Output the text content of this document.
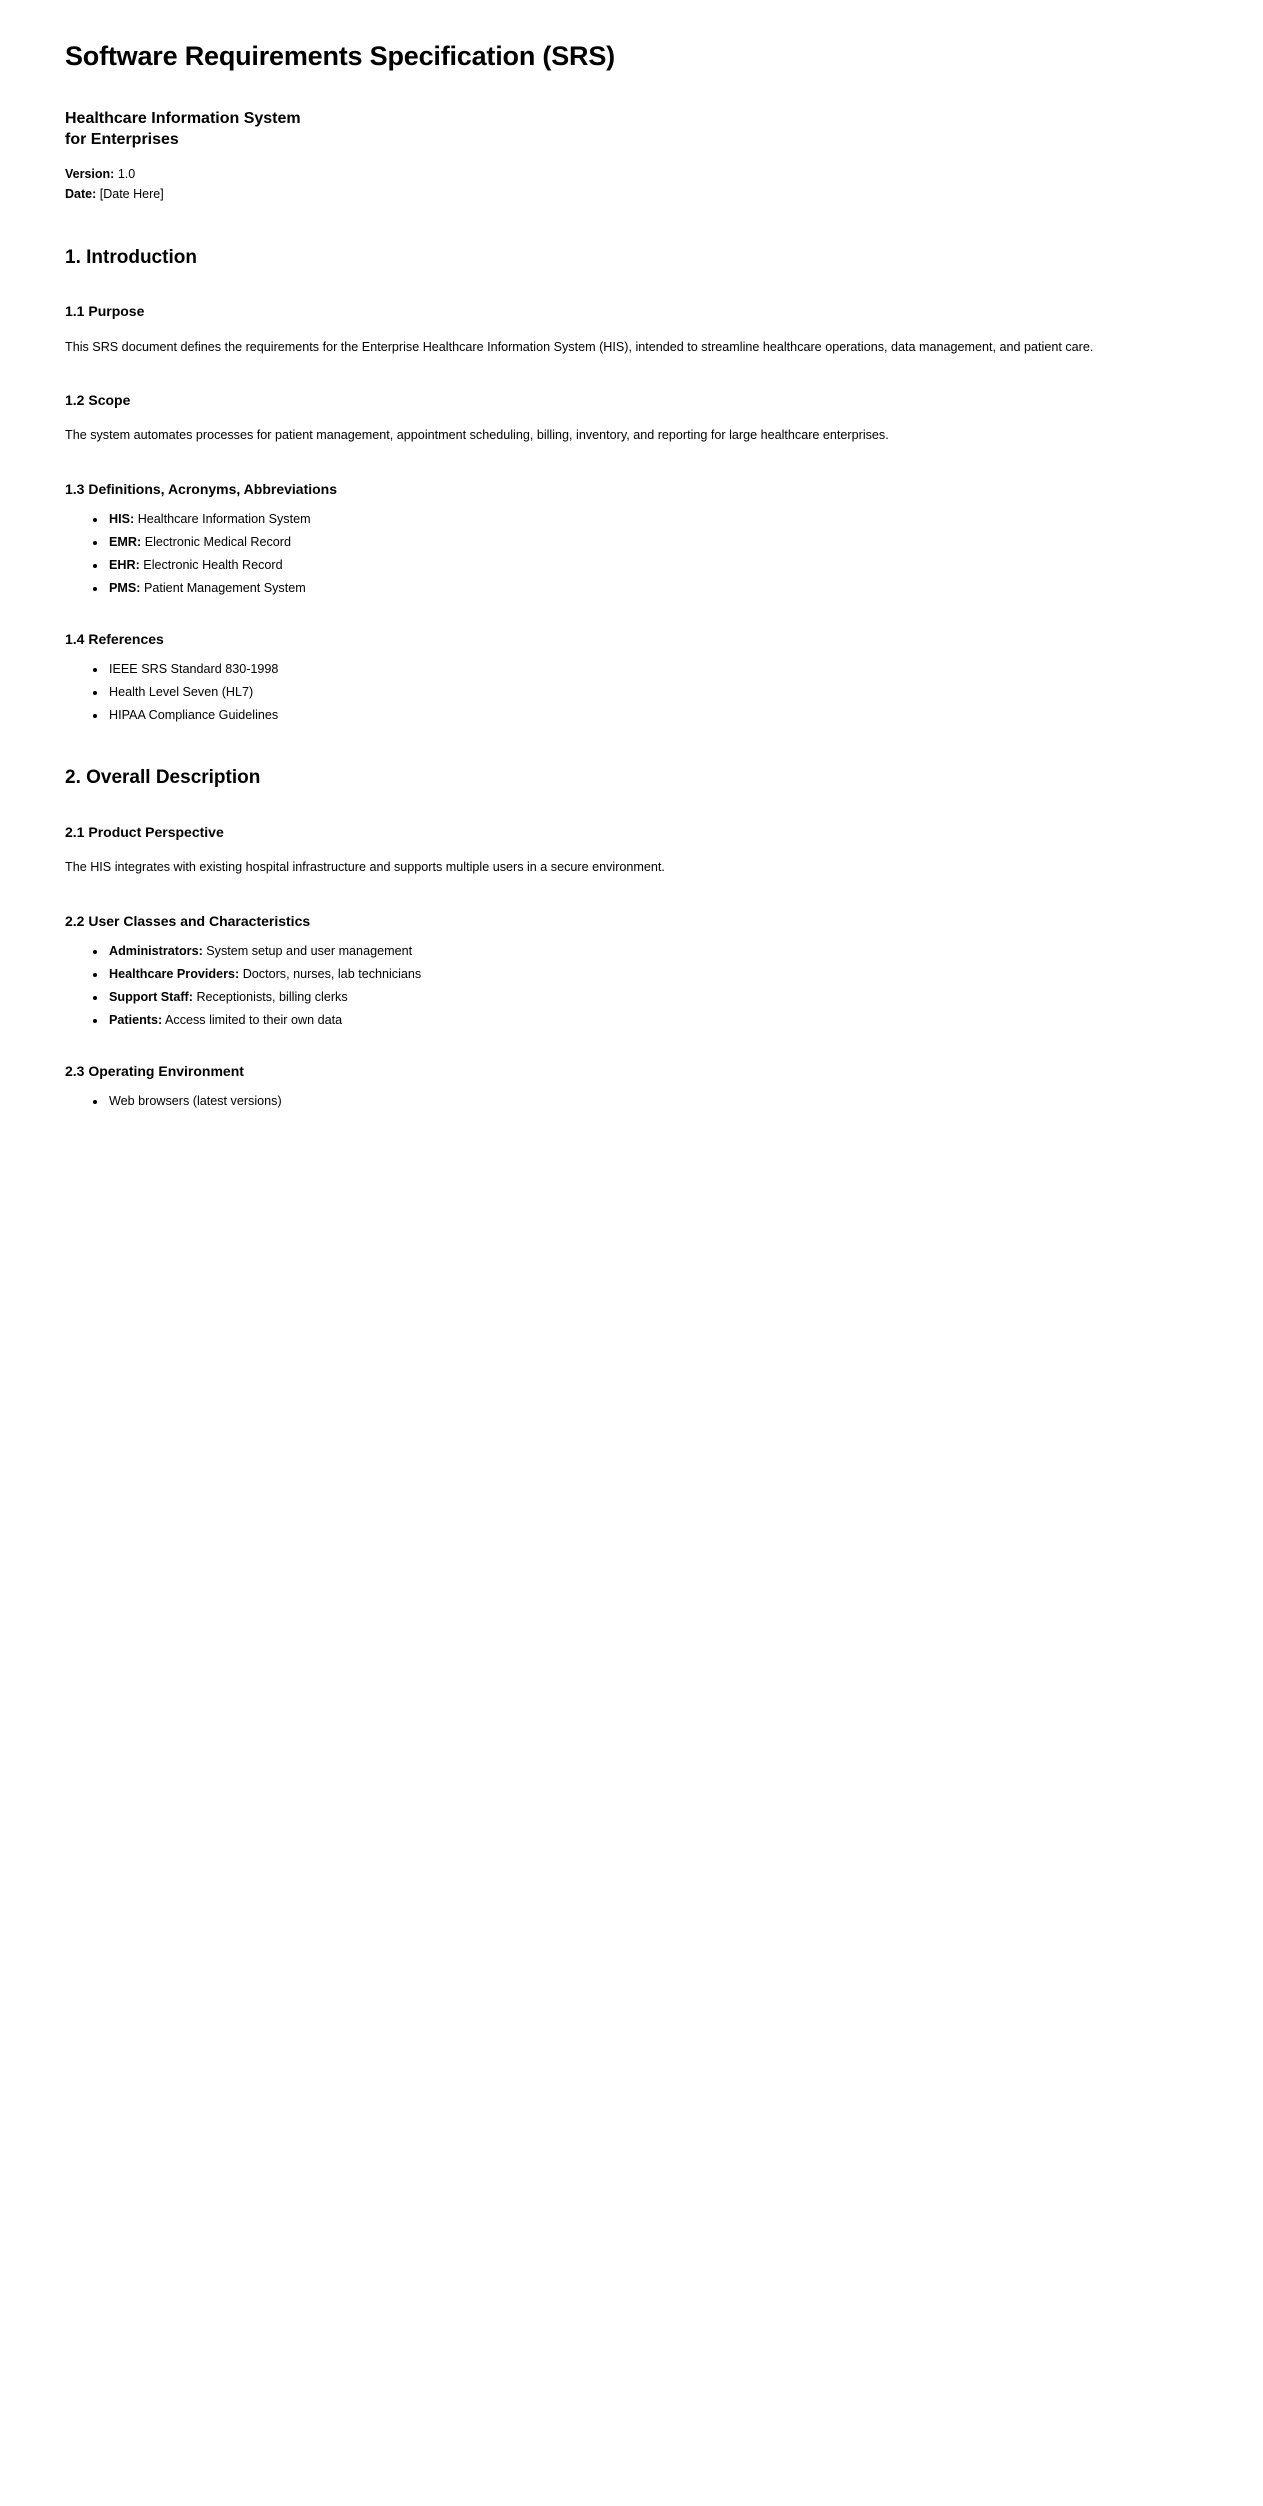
Software Requirements Specification (SRS)
Healthcare Information System
for Enterprises
Version: 1.0
Date: [Date Here]
1. Introduction
1.1 Purpose

This SRS document defines the requirements for the Enterprise Healthcare Information System (HIS), intended to streamline healthcare operations, data management, and patient care.

1.2 Scope

The system automates processes for patient management, appointment scheduling, billing, inventory, and reporting for large healthcare enterprises.

1.3 Definitions, Acronyms, Abbreviations
• HIS: Healthcare Information System
• EMR: Electronic Medical Record
• EHR: Electronic Health Record
• PMS: Patient Management System
1.4 References
• IEEE SRS Standard 830-1998
• Health Level Seven (HL7)
• HIPAA Compliance Guidelines
2. Overall Description
2.1 Product Perspective

The HIS integrates with existing hospital infrastructure and supports multiple users in a secure environment.

2.2 User Classes and Characteristics
• Administrators: System setup and user management
• Healthcare Providers: Doctors, nurses, lab technicians
• Support Staff: Receptionists, billing clerks
• Patients: Access limited to their own data
2.3 Operating Environment
• Web browsers (latest versions)
